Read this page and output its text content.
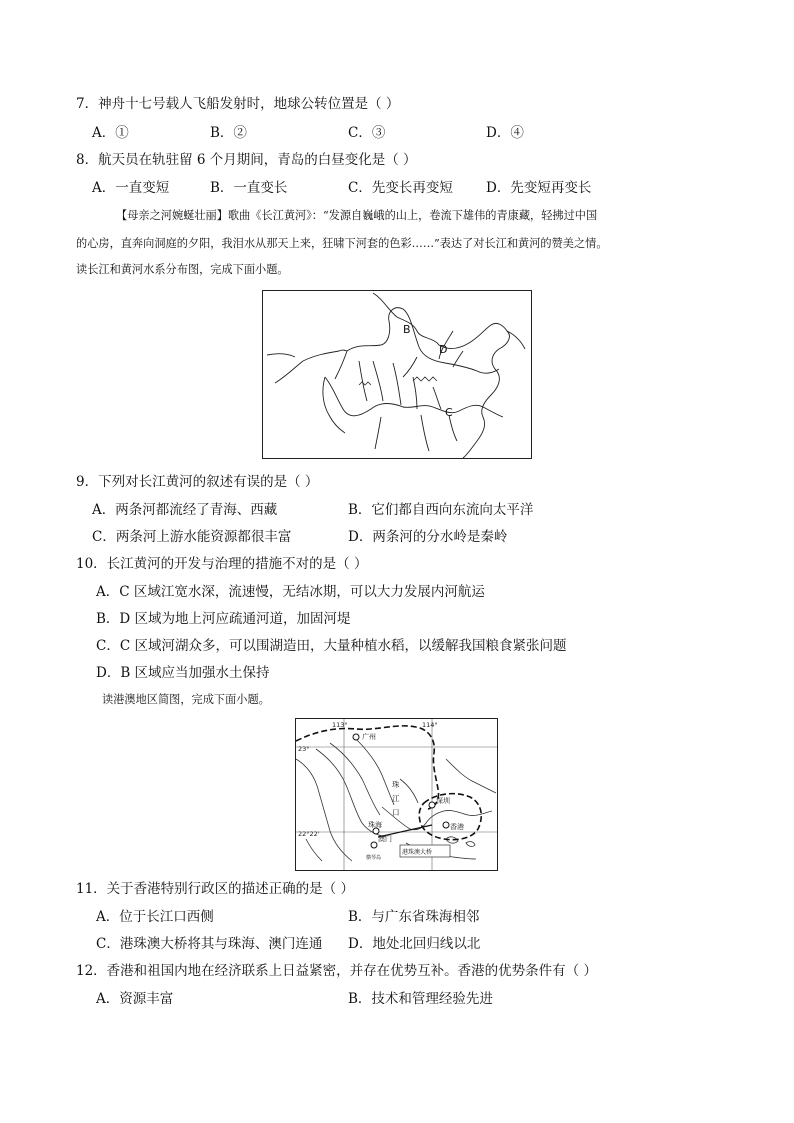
7．神舟十七号载人飞船发射时，地球公转位置是（ ）
A．①	B．②	C．③	D．④
8．航天员在轨驻留 6 个月期间，青岛的白昼变化是（ ）
A．一直变短	B．一直变长	C．先变长再变短 D．先变短再变长
【母亲之河婉蜒壮丽】歌曲《长江黄河》：“发源自巍峨的山上，卷流下雄伟的青康藏，轻拂过中国
的心房，直奔向洞庭的夕阳，我泪水从那天上来，狂啸下河套的色彩……”表达了对长江和黄河的赞美之情。
读长江和黄河水系分布图，完成下面小题。
B
D
C
9．下列对长江黄河的叙述有误的是（ ）
A．两条河都流经了青海、西藏	B．它们都自西向东流向太平洋
C．两条河上游水能资源都很丰富	D．两条河的分水岭是秦岭
10．长江黄河的开发与治理的措施不对的是（ ）
A．C 区域江宽水深，流速慢，无结冰期，可以大力发展内河航运
B．D 区域为地上河应疏通河道，加固河堤
C．C 区域河湖众多，可以围湖造田，大量种植水稻，以缓解我国粮食紧张问题
D．B 区域应当加强水土保持
读港澳地区简图，完成下面小题。
113°	114°
23°
22°22'
广州
珠
江
口
深圳
香港
珠海
澳门
港珠澳大桥
横琴岛
11．关于香港特别行政区的描述正确的是（ ）
A．位于长江口西侧	B．与广东省珠海相邻
C．港珠澳大桥将其与珠海、澳门连通 D．地处北回归线以北
12．香港和祖国内地在经济联系上日益紧密，并存在优势互补。香港的优势条件有（ ）
A．资源丰富	B．技术和管理经验先进
